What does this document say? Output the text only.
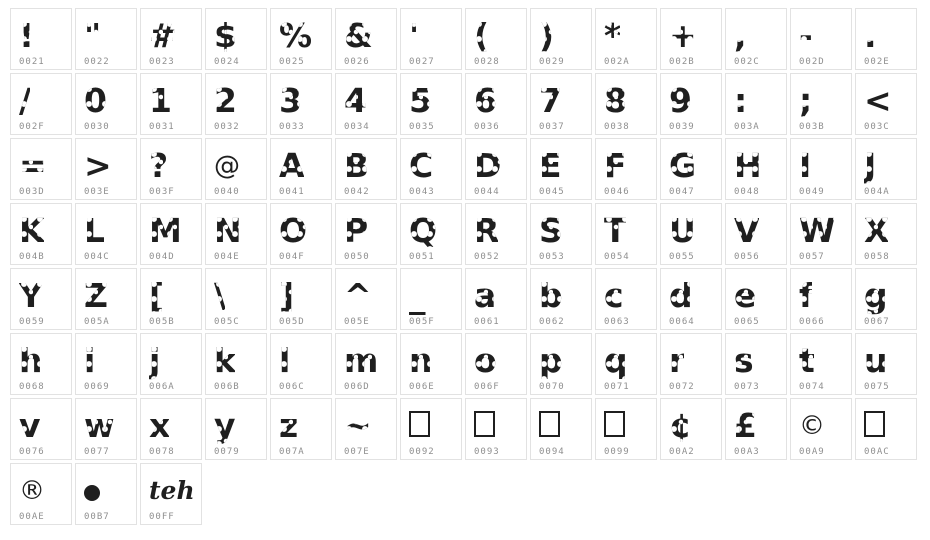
!
0021
"
0022
#
0023
$
0024
%
0025
&
0026
'
0027
(
0028
)
0029
*
002A
+
002B
,
002C
-
002D
.
002E
/
002F
0
0030
1
0031
2
0032
3
0033
4
0034
5
0035
6
0036
7
0037
8
0038
9
0039
:
003A
;
003B
<
003C
=
003D
>
003E
?
003F
@
0040
A
0041
B
0042
C
0043
D
0044
E
0045
F
0046
G
0047
H
0048
I
0049
J
004A
K
004B
L
004C
M
004D
N
004E
O
004F
P
0050
Q
0051
R
0052
S
0053
T
0054
U
0055
V
0056
W
0057
X
0058
Y
0059
Z
005A
[
005B
\
005C
]
005D
^
005E
_
005F
a
0061
b
0062
c
0063
d
0064
e
0065
f
0066
g
0067
h
0068
i
0069
j
006A
k
006B
l
006C
m
006D
n
006E
o
006F
p
0070
q
0071
r
0072
s
0073
t
0074
u
0075
v
0076
w
0077
x
0078
y
0079
z
007A
~
007E	0092	0093	0094	0099
¢
00A2
£
00A3
©
00A9	00AC
®
00AE	00B7
teh
00FF
